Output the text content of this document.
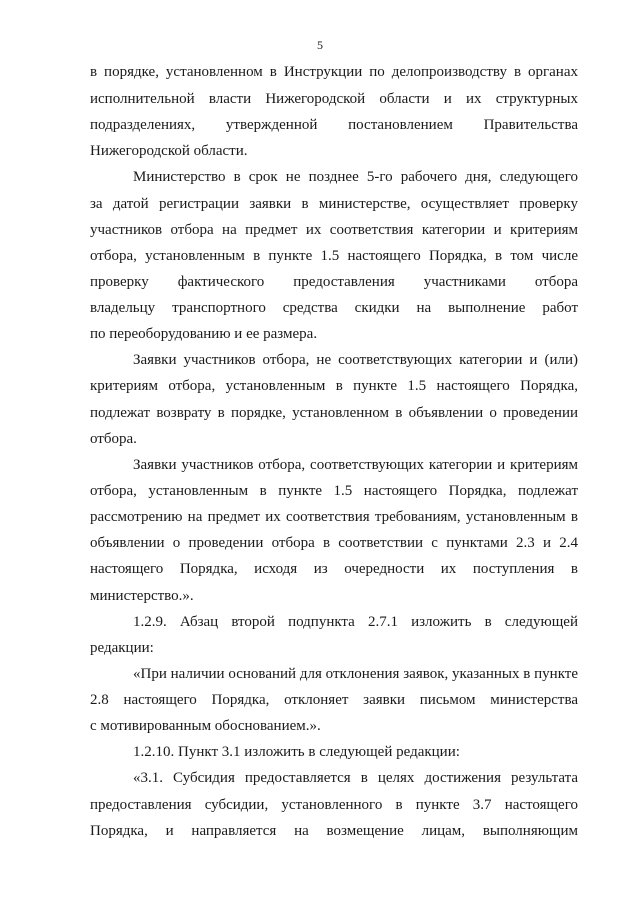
5
в порядке, установленном в Инструкции по делопроизводству в органах
исполнительной власти Нижегородской области и их структурных
подразделениях, утвержденной постановлением Правительства
Нижегородской области.
Министерство в срок не позднее 5-го рабочего дня, следующего
за датой регистрации заявки в министерстве, осуществляет проверку
участников отбора на предмет их соответствия категории и критериям
отбора, установленным в пункте 1.5 настоящего Порядка, в том числе
проверку фактического предоставления участниками отбора
владельцу транспортного средства скидки на выполнение работ
по переоборудованию и ее размера.
Заявки участников отбора, не соответствующих категории и (или)
критериям отбора, установленным в пункте 1.5 настоящего Порядка,
подлежат возврату в порядке, установленном в объявлении о проведении
отбора.
Заявки участников отбора, соответствующих категории и критериям
отбора, установленным в пункте 1.5 настоящего Порядка, подлежат
рассмотрению на предмет их соответствия требованиям, установленным в
объявлении о проведении отбора в соответствии с пунктами 2.3 и 2.4
настоящего Порядка, исходя из очередности их поступления в
министерство.».
1.2.9. Абзац второй подпункта 2.7.1 изложить в следующей
редакции:
«При наличии оснований для отклонения заявок, указанных в пункте
2.8 настоящего Порядка, отклоняет заявки письмом министерства
с мотивированным обоснованием.».
1.2.10. Пункт 3.1 изложить в следующей редакции:
«3.1. Субсидия предоставляется в целях достижения результата
предоставления субсидии, установленного в пункте 3.7 настоящего
Порядка, и направляется на возмещение лицам, выполняющим
